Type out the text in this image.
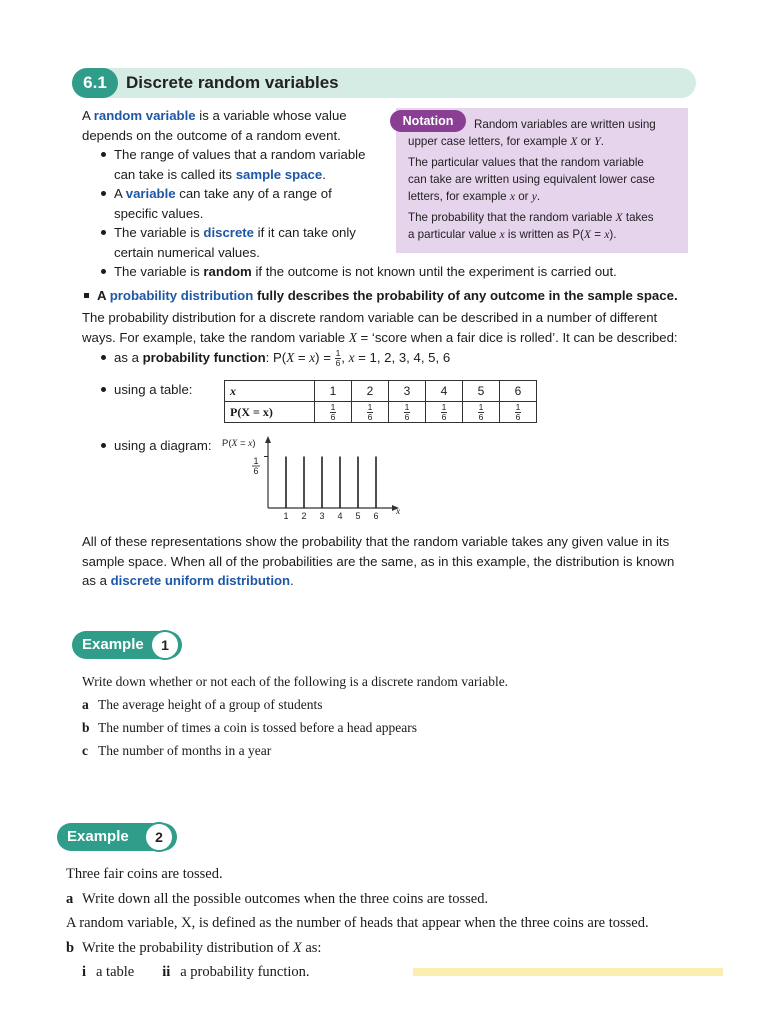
6.1	Discrete random variables
A random variable is a variable whose value
depends on the outcome of a random event.
The range of values that a random variable
can take is called its sample space.
A variable can take any of a range of
specific values.
The variable is discrete if it can take only
certain numerical values.
The variable is random if the outcome is not known until the experiment is carried out.
Notation	Random variables are written using
upper case letters, for example X or Y.
The particular values that the random variable
can take are written using equivalent lower case
letters, for example x or y.
The probability that the random variable X takes
a particular value x is written as P(X = x).
A probability distribution fully describes the probability of any outcome in the sample space.
The probability distribution for a discrete random variable can be described in a number of different
ways. For example, take the random variable X = ‘score when a fair dice is rolled’. It can be described:
as a probability function: $P(X = x) = \frac{1}{6}$ , x = 1, 2, 3, 4, 5, 6
using a table:	x	1	2	3	4	5	6
P(X = x)	$\frac{1}{6}$	$\frac{1}{6}$	$\frac{1}{6}$	$\frac{1}{6}$	$\frac{1}{6}$	$\frac{1}{6}$
using a diagram: P(X = x)
1
6
x
1 2 3 4 5 6
All of these representations show the probability that the random variable takes any given value in its
sample space. When all of the probabilities are the same, as in this example, the distribution is known
as a discrete uniform distribution.
Example	1
Write down whether or not each of the following is a discrete random variable.
a The average height of a group of students
b The number of times a coin is tossed before a head appears
c The number of months in a year
Example	2
Three fair coins are tossed.
a Write down all the possible outcomes when the three coins are tossed.
A random variable, X, is defined as the number of heads that appear when the three coins are tossed.
b Write the probability distribution of X as:
i a table ii a probability function.
